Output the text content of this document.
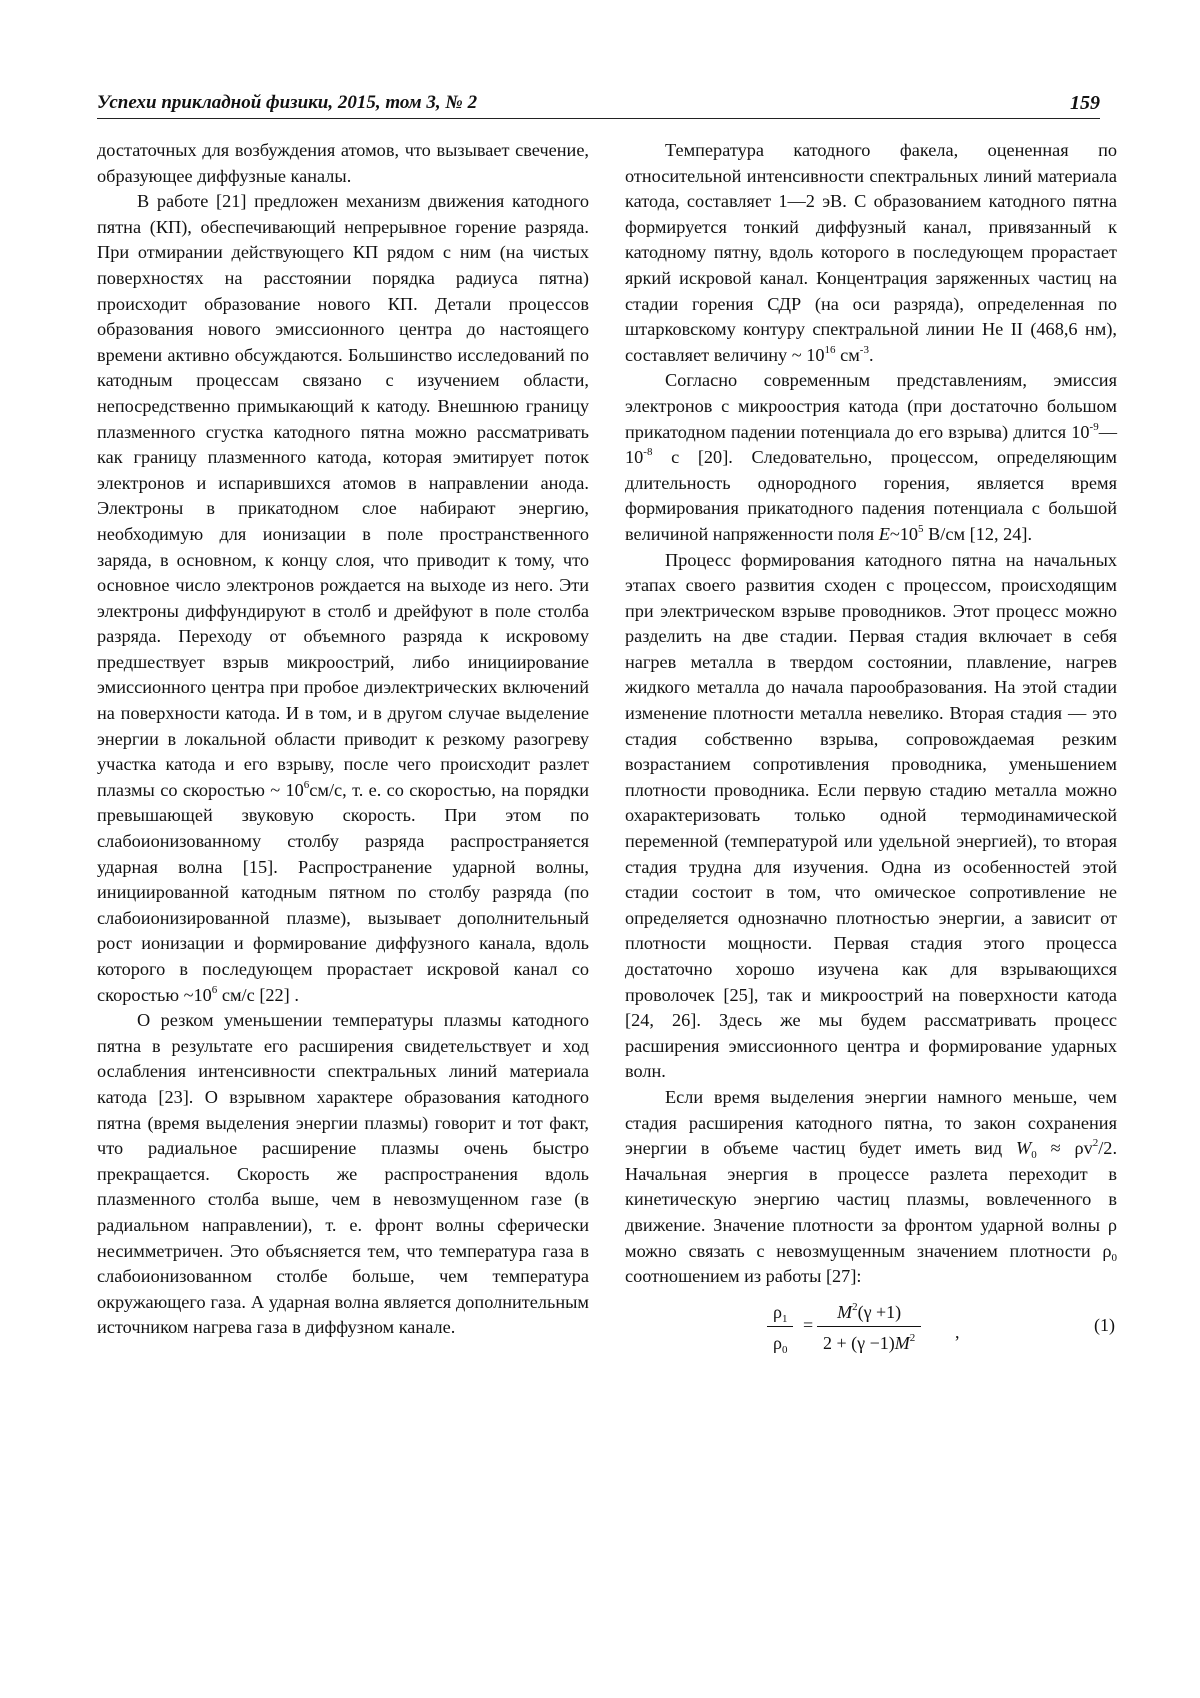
Успехи прикладной физики, 2015, том 3, № 2	159

достаточных для возбуждения атомов, что вызывает свечение, образующее диффузные каналы.

В работе [21] предложен механизм движения катодного пятна (КП), обеспечивающий непрерывное горение разряда. При отмирании действующего КП рядом с ним (на чистых поверхностях на расстоянии порядка радиуса пятна) происходит образование нового КП. Детали процессов образования нового эмиссионного центра до настоящего времени активно обсуждаются. Большинство исследований по катодным процессам связано с изучением области, непосредственно примыкающий к катоду. Внешнюю границу плазменного сгустка катодного пятна можно рассматривать как границу плазменного катода, которая эмитирует поток электронов и испарившихся атомов в направлении анода. Электроны в прикатодном слое набирают энергию, необходимую для ионизации в поле пространственного заряда, в основном, к концу слоя, что приводит к тому, что основное число электронов рождается на выходе из него. Эти электроны диффундируют в столб и дрейфуют в поле столба разряда. Переходу от объемного разряда к искровому предшествует взрыв микроострий, либо инициирование эмиссионного центра при пробое диэлектрических включений на поверхности катода. И в том, и в другом случае выделение энергии в локальной области приводит к резкому разогреву участка катода и его взрыву, после чего происходит разлет плазмы со скоростью ~ $10^6см/с$, т. е. со скоростью, на порядки превышающей звуковую скорость. При этом по слабоионизованному столбу разряда распространяется ударная волна [15]. Распространение ударной волны, инициированной катодным пятном по столбу разряда (по слабоионизированной плазме), вызывает дополнительный рост ионизации и формирование диффузного канала, вдоль которого в последующем прорастает искровой канал со скоростью $\sim 10^6$ см/с [22] .

О резком уменьшении температуры плазмы катодного пятна в результате его расширения свидетельствует и ход ослабления интенсивности спектральных линий материала катода [23]. О взрывном характере образования катодного пятна (время выделения энергии плазмы) говорит и тот факт, что радиальное расширение плазмы очень быстро прекращается. Скорость же распространения вдоль плазменного столба выше, чем в невозмущенном газе (в радиальном направлении), т. е. фронт волны сферически несимметричен. Это объясняется тем, что температура газа в слабоионизованном столбе больше, чем температура окружающего газа. А ударная волна является дополнительным источником нагрева газа в диффузном канале.

Температура катодного факела, оцененная по относительной интенсивности спектральных линий материала катода, составляет 1—2 эВ. С образованием катодного пятна формируется тонкий диффузный канал, привязанный к катодному пятну, вдоль которого в последующем прорастает яркий искровой канал. Концентрация заряженных частиц на стадии горения СДР (на оси разряда), определенная по штарковскому контуру спектральной линии He II (468,6 нм), составляет величину ~ $10^{16}$ $см^{-3}$.

Согласно современным представлениям, эмиссия электронов с микроострия катода (при достаточно большом прикатодном падении потенциала до его взрыва) длится $10^{-9}—10^{-8}$ с [20]. Следовательно, процессом, определяющим длительность однородного горения, является время формирования прикатодного падения потенциала с большой величиной напряженности поля $E\sim 10^5$ В/см [12, 24].

Процесс формирования катодного пятна на начальных этапах своего развития сходен с процессом, происходящим при электрическом взрыве проводников. Этот процесс можно разделить на две стадии. Первая стадия включает в себя нагрев металла в твердом состоянии, плавление, нагрев жидкого металла до начала парообразования. На этой стадии изменение плотности металла невелико. Вторая стадия — это стадия собственно взрыва, сопровождаемая резким возрастанием сопротивления проводника, уменьшением плотности проводника. Если первую стадию металла можно охарактеризовать только одной термодинамической переменной (температурой или удельной энергией), то вторая стадия трудна для изучения. Одна из особенностей этой стадии состоит в том, что омическое сопротивление не определяется однозначно плотностью энергии, а зависит от плотности мощности. Первая стадия этого процесса достаточно хорошо изучена как для взрывающихся проволочек [25], так и микроострий на поверхности катода [24, 26]. Здесь же мы будем рассматривать процесс расширения эмиссионного центра и формирование ударных волн.

Если время выделения энергии намного меньше, чем стадия расширения катодного пятна, то закон сохранения энергии в объеме частиц будет иметь вид $W_0 \approx \rho v^2/2$. Начальная энергия в процессе разлета переходит в кинетическую энергию частиц плазмы, вовлеченного в движение. Значение плотности за фронтом ударной волны ρ можно связать с невозмущенным значением плотности $\rho_0$ соотношением из работы [27]:

$\frac{\rho_1}{\rho_0} = \frac{M^2(\gamma +1)}{2 + (\gamma -1)M^2}$ ,	(1)
